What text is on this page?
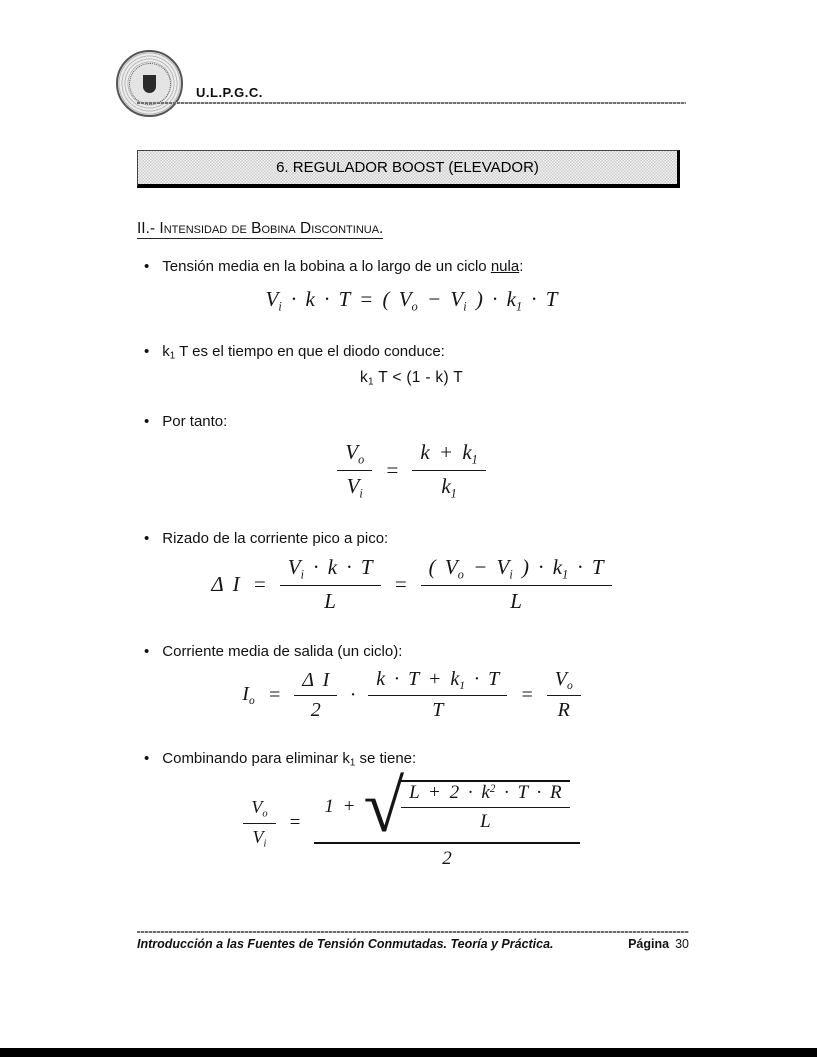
U.L.P.G.C.
6. REGULADOR BOOST (ELEVADOR)
II.- Intensidad de Bobina Discontinua.
• Tensión media en la bobina a lo largo de un ciclo nula:
$V_i \cdot k \cdot T$ = ( $V_o - V_i$ ) · $k_1 \cdot T$
• $k_1$ T es el tiempo en que el diodo conduce:
$k_1$ T < (1 - k) T
• Por tanto:
$\frac{V_o}{V_i} = \frac{k + k_1}{k_1}$
• Rizado de la corriente pico a pico:
Δ $I = \frac{V_i \cdot k \cdot T}{L} = \frac{( V_o - V_i ) \cdot k_1 \cdot T}{L}$
• Corriente media de salida (un ciclo):
$I_o = \frac{\text{Δ I}}{2} \cdot \frac{k \cdot T + k_1 \cdot T}{T} = \frac{V_o}{R}$
• Combinando para eliminar $k_1$ se tiene:
$\frac{V_o}{V_i}$ =
1 + √
$\frac{L + 2 \cdot k^2 \cdot T \cdot R}{L}$
2
Introducción a las Fuentes de Tensión Conmutadas. Teoría y Práctica.	Página 30
